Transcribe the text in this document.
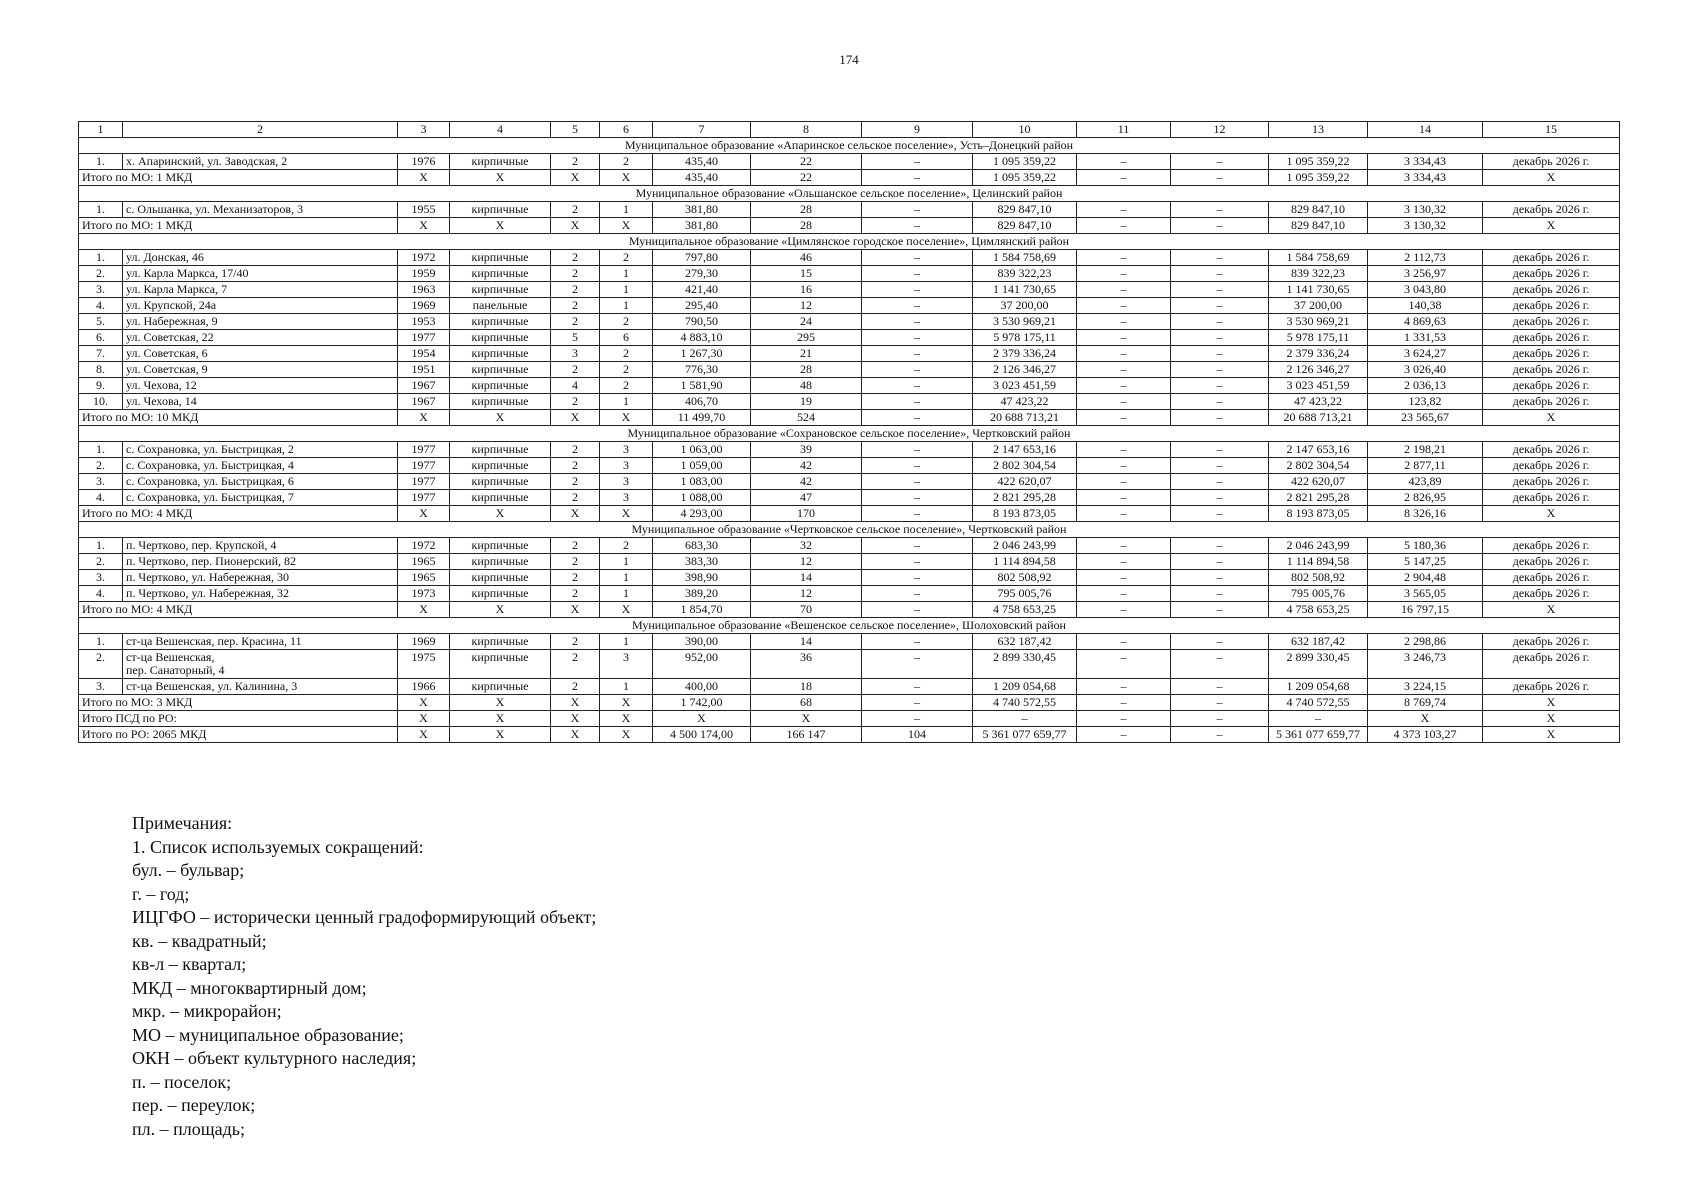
174
1	2	3	4	5	6	7	8	9	10	11	12	13	14	15
Муниципальное образование «Апаринское сельское поселение», Усть–Донецкий район														
1.	х. Апаринский, ул. Заводская, 2	1976	кирпичные	2	2	435,40	22	–	1 095 359,22	–	–	1 095 359,22	3 334,43	декабрь 2026 г.
Итого по МО: 1 МКД		X	X	X	X	435,40	22	–	1 095 359,22	–	–	1 095 359,22	3 334,43	X
Муниципальное образование «Ольшанское сельское поселение», Целинский район														
1.	с. Ольшанка, ул. Механизаторов, 3	1955	кирпичные	2	1	381,80	28	–	829 847,10	–	–	829 847,10	3 130,32	декабрь 2026 г.
Итого по МО: 1 МКД		X	X	X	X	381,80	28	–	829 847,10	–	–	829 847,10	3 130,32	X
Муниципальное образование «Цимлянское городское поселение», Цимлянский район														
1.	ул. Донская, 46	1972	кирпичные	2	2	797,80	46	–	1 584 758,69	–	–	1 584 758,69	2 112,73	декабрь 2026 г.
2.	ул. Карла Маркса, 17/40	1959	кирпичные	2	1	279,30	15	–	839 322,23	–	–	839 322,23	3 256,97	декабрь 2026 г.
3.	ул. Карла Маркса, 7	1963	кирпичные	2	1	421,40	16	–	1 141 730,65	–	–	1 141 730,65	3 043,80	декабрь 2026 г.
4.	ул. Крупской, 24а	1969	панельные	2	1	295,40	12	–	37 200,00	–	–	37 200,00	140,38	декабрь 2026 г.
5.	ул. Набережная, 9	1953	кирпичные	2	2	790,50	24	–	3 530 969,21	–	–	3 530 969,21	4 869,63	декабрь 2026 г.
6.	ул. Советская, 22	1977	кирпичные	5	6	4 883,10	295	–	5 978 175,11	–	–	5 978 175,11	1 331,53	декабрь 2026 г.
7.	ул. Советская, 6	1954	кирпичные	3	2	1 267,30	21	–	2 379 336,24	–	–	2 379 336,24	3 624,27	декабрь 2026 г.
8.	ул. Советская, 9	1951	кирпичные	2	2	776,30	28	–	2 126 346,27	–	–	2 126 346,27	3 026,40	декабрь 2026 г.
9.	ул. Чехова, 12	1967	кирпичные	4	2	1 581,90	48	–	3 023 451,59	–	–	3 023 451,59	2 036,13	декабрь 2026 г.
10.	ул. Чехова, 14	1967	кирпичные	2	1	406,70	19	–	47 423,22	–	–	47 423,22	123,82	декабрь 2026 г.
Итого по МО: 10 МКД		X	X	X	X	11 499,70	524	–	20 688 713,21	–	–	20 688 713,21	23 565,67	X
Муниципальное образование «Сохрановское сельское поселение», Чертковский район														
1.	с. Сохрановка, ул. Быстрицкая, 2	1977	кирпичные	2	3	1 063,00	39	–	2 147 653,16	–	–	2 147 653,16	2 198,21	декабрь 2026 г.
2.	с. Сохрановка, ул. Быстрицкая, 4	1977	кирпичные	2	3	1 059,00	42	–	2 802 304,54	–	–	2 802 304,54	2 877,11	декабрь 2026 г.
3.	с. Сохрановка, ул. Быстрицкая, 6	1977	кирпичные	2	3	1 083,00	42	–	422 620,07	–	–	422 620,07	423,89	декабрь 2026 г.
4.	с. Сохрановка, ул. Быстрицкая, 7	1977	кирпичные	2	3	1 088,00	47	–	2 821 295,28	–	–	2 821 295,28	2 826,95	декабрь 2026 г.
Итого по МО: 4 МКД		X	X	X	X	4 293,00	170	–	8 193 873,05	–	–	8 193 873,05	8 326,16	X
Муниципальное образование «Чертковское сельское поселение», Чертковский район														
1.	п. Чертково, пер. Крупской, 4	1972	кирпичные	2	2	683,30	32	–	2 046 243,99	–	–	2 046 243,99	5 180,36	декабрь 2026 г.
2.	п. Чертково, пер. Пионерский, 82	1965	кирпичные	2	1	383,30	12	–	1 114 894,58	–	–	1 114 894,58	5 147,25	декабрь 2026 г.
3.	п. Чертково, ул. Набережная, 30	1965	кирпичные	2	1	398,90	14	–	802 508,92	–	–	802 508,92	2 904,48	декабрь 2026 г.
4.	п. Чертково, ул. Набережная, 32	1973	кирпичные	2	1	389,20	12	–	795 005,76	–	–	795 005,76	3 565,05	декабрь 2026 г.
Итого по МО: 4 МКД		X	X	X	X	1 854,70	70	–	4 758 653,25	–	–	4 758 653,25	16 797,15	X
Муниципальное образование «Вешенское сельское поселение», Шолоховский район														
1.	ст-ца Вешенская, пер. Красина, 11	1969	кирпичные	2	1	390,00	14	–	632 187,42	–	–	632 187,42	2 298,86	декабрь 2026 г.
2.	ст-ца Вешенская,
пер. Санаторный, 4	1975	кирпичные	2	3	952,00	36	–	2 899 330,45	–	–	2 899 330,45	3 246,73	декабрь 2026 г.
3.	ст-ца Вешенская, ул. Калинина, 3	1966	кирпичные	2	1	400,00	18	–	1 209 054,68	–	–	1 209 054,68	3 224,15	декабрь 2026 г.
Итого по МО: 3 МКД		X	X	X	X	1 742,00	68	–	4 740 572,55	–	–	4 740 572,55	8 769,74	X
Итого ПСД по РО:		X	X	X	X	X	X	–	–	–	–	–	X	X
Итого по РО: 2065 МКД		X	X	X	X	4 500 174,00	166 147	104	5 361 077 659,77	–	–	5 361 077 659,77	4 373 103,27	X
Примечания:
1. Список используемых сокращений:
бул. – бульвар;
г. – год;
ИЦГФО – исторически ценный градоформирующий объект;
кв. – квадратный;
кв-л – квартал;
МКД – многоквартирный дом;
мкр. – микрорайон;
МО – муниципальное образование;
ОКН – объект культурного наследия;
п. – поселок;
пер. – переулок;
пл. – площадь;
